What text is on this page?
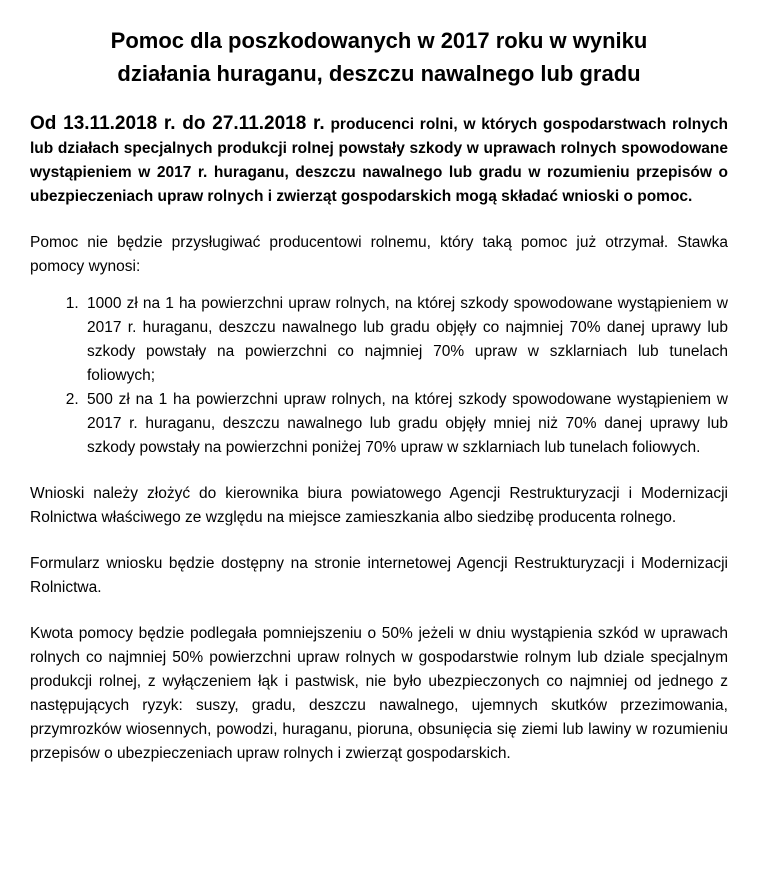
Pomoc dla poszkodowanych w 2017 roku w wyniku
działania huraganu, deszczu nawalnego lub gradu

Od 13.11.2018 r. do 27.11.2018 r. producenci rolni, w których gospodarstwach rolnych lub działach specjalnych produkcji rolnej powstały szkody w uprawach rolnych spowodowane wystąpieniem w 2017 r. huraganu, deszczu nawalnego lub gradu w rozumieniu przepisów o ubezpieczeniach upraw rolnych i zwierząt gospodarskich mogą składać wnioski o pomoc.

Pomoc nie będzie przysługiwać producentowi rolnemu, który taką pomoc już otrzymał. Stawka pomocy wynosi:

1. 1000 zł na 1 ha powierzchni upraw rolnych, na której szkody spowodowane wystąpieniem w 2017 r. huraganu, deszczu nawalnego lub gradu objęły co najmniej 70% danej uprawy lub szkody powstały na powierzchni co najmniej 70% upraw w szklarniach lub tunelach foliowych;
2. 500 zł na 1 ha powierzchni upraw rolnych, na której szkody spowodowane wystąpieniem w 2017 r. huraganu, deszczu nawalnego lub gradu objęły mniej niż 70% danej uprawy lub szkody powstały na powierzchni poniżej 70% upraw w szklarniach lub tunelach foliowych.

Wnioski należy złożyć do kierownika biura powiatowego Agencji Restrukturyzacji i Modernizacji Rolnictwa właściwego ze względu na miejsce zamieszkania albo siedzibę producenta rolnego.

Formularz wniosku będzie dostępny na stronie internetowej Agencji Restrukturyzacji i Modernizacji Rolnictwa.

Kwota pomocy będzie podlegała pomniejszeniu o 50% jeżeli w dniu wystąpienia szkód w uprawach rolnych co najmniej 50% powierzchni upraw rolnych w gospodarstwie rolnym lub dziale specjalnym produkcji rolnej, z wyłączeniem łąk i pastwisk, nie było ubezpieczonych co najmniej od jednego z następujących ryzyk: suszy, gradu, deszczu nawalnego, ujemnych skutków przezimowania, przymrozków wiosennych, powodzi, huraganu, pioruna, obsunięcia się ziemi lub lawiny w rozumieniu przepisów o ubezpieczeniach upraw rolnych i zwierząt gospodarskich.
